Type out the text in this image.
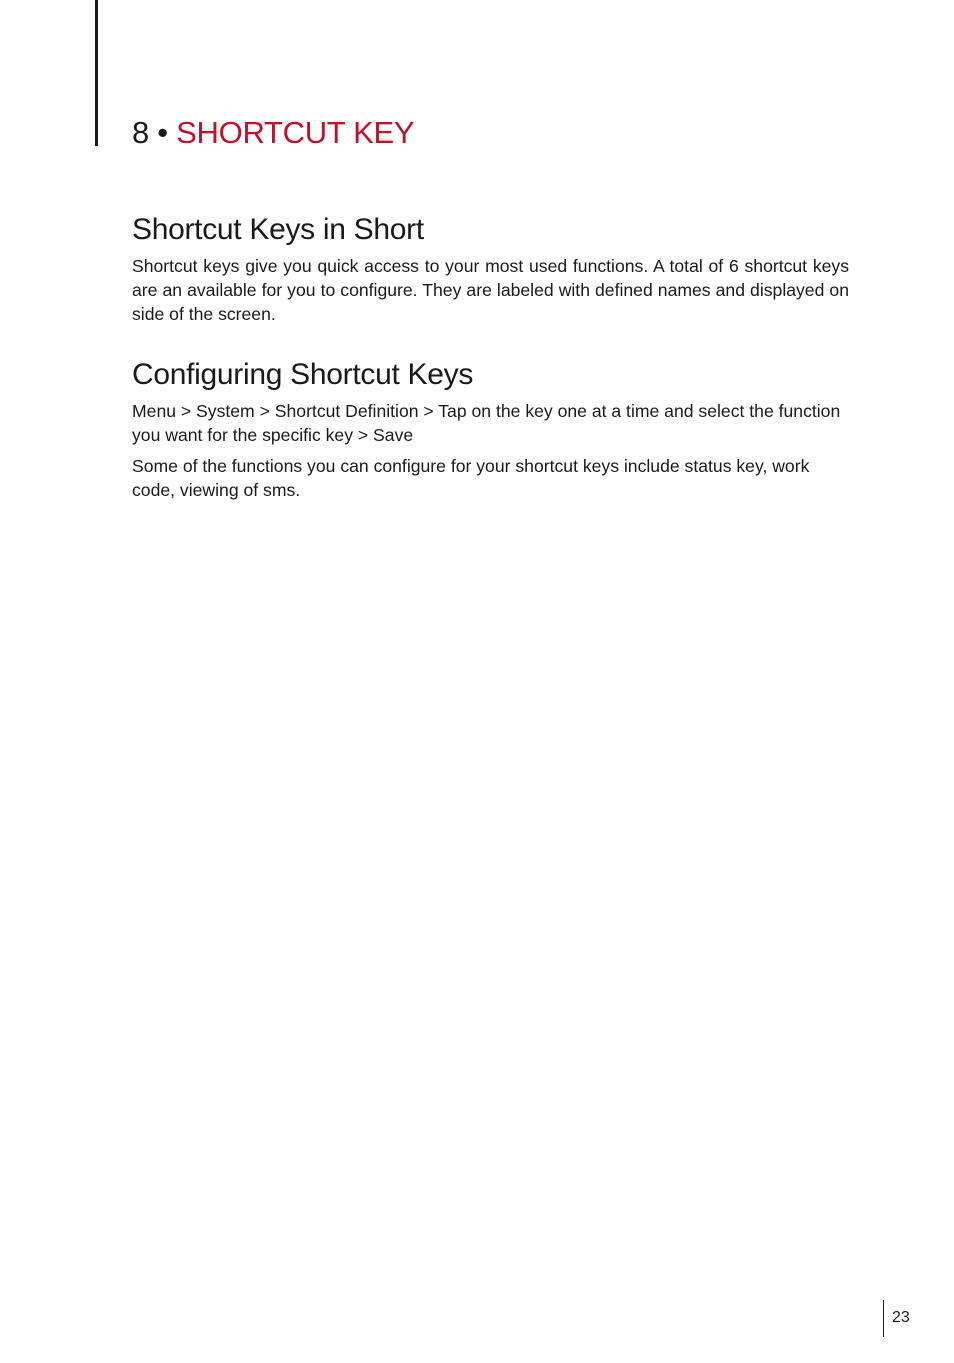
8 • SHORTCUT KEY
Shortcut Keys in Short

Shortcut keys give you quick access to your most used functions. A total of 6 shortcut keys are an available for you to configure. They are labeled with defined names and displayed on side of the screen.

Configuring Shortcut Keys

Menu > System > Shortcut Definition > Tap on the key one at a time and select the function you want for the specific key > Save

Some of the functions you can configure for your shortcut keys include status key, work code, viewing of sms.

23
